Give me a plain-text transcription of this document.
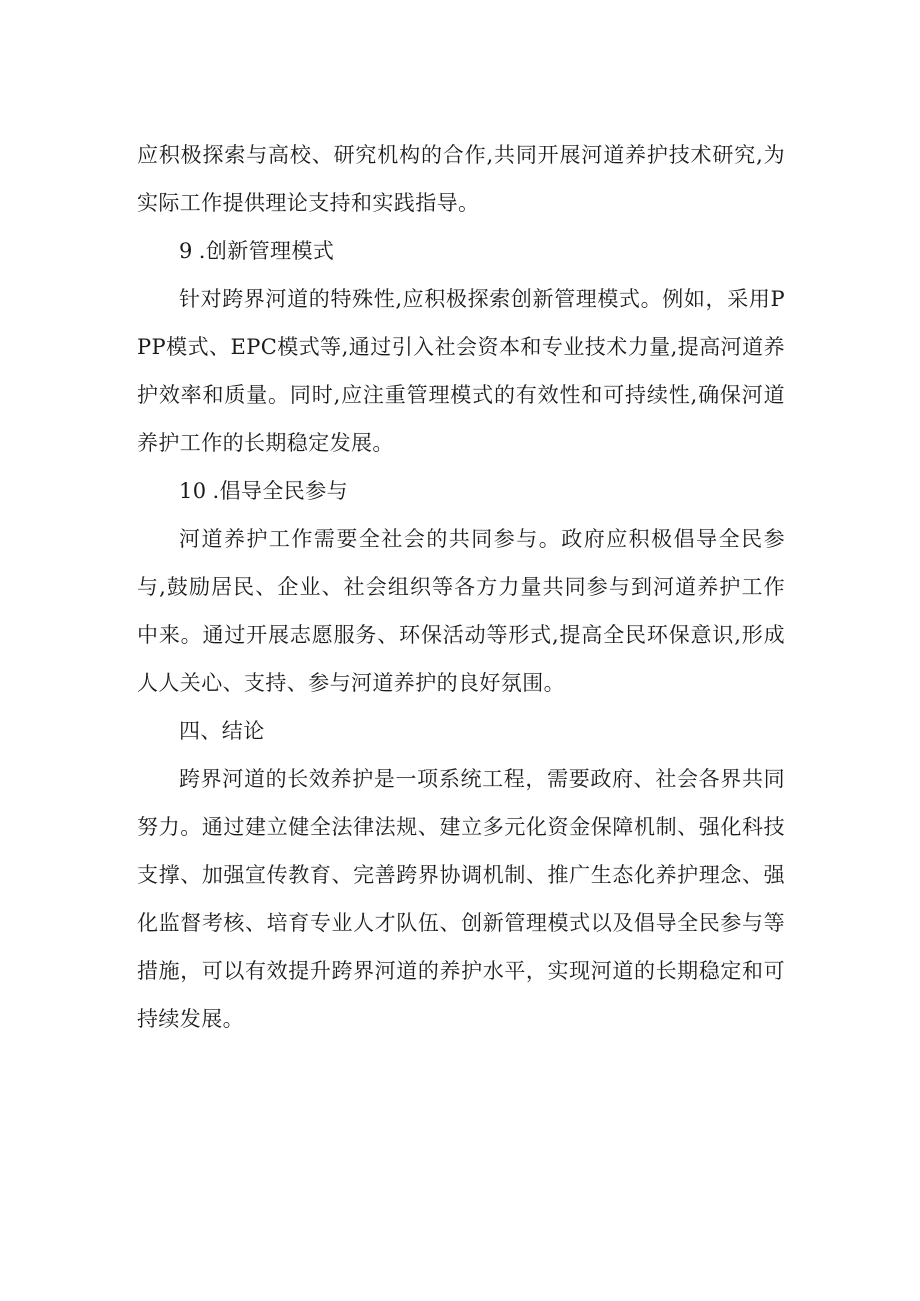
应积极探索与高校、研究机构的合作,共同开展河道养护技术研究,为实际工作提供理论支持和实践指导。

9 .创新管理模式

针对跨界河道的特殊性,应积极探索创新管理模式。例如，采用PPP模式、EPC模式等,通过引入社会资本和专业技术力量,提高河道养护效率和质量。同时,应注重管理模式的有效性和可持续性,确保河道养护工作的长期稳定发展。

10 .倡导全民参与

河道养护工作需要全社会的共同参与。政府应积极倡导全民参与,鼓励居民、企业、社会组织等各方力量共同参与到河道养护工作中来。通过开展志愿服务、环保活动等形式,提高全民环保意识,形成人人关心、支持、参与河道养护的良好氛围。

四、结论

跨界河道的长效养护是一项系统工程，需要政府、社会各界共同努力。通过建立健全法律法规、建立多元化资金保障机制、强化科技支撑、加强宣传教育、完善跨界协调机制、推广生态化养护理念、强化监督考核、培育专业人才队伍、创新管理模式以及倡导全民参与等措施，可以有效提升跨界河道的养护水平，实现河道的长期稳定和可持续发展。
